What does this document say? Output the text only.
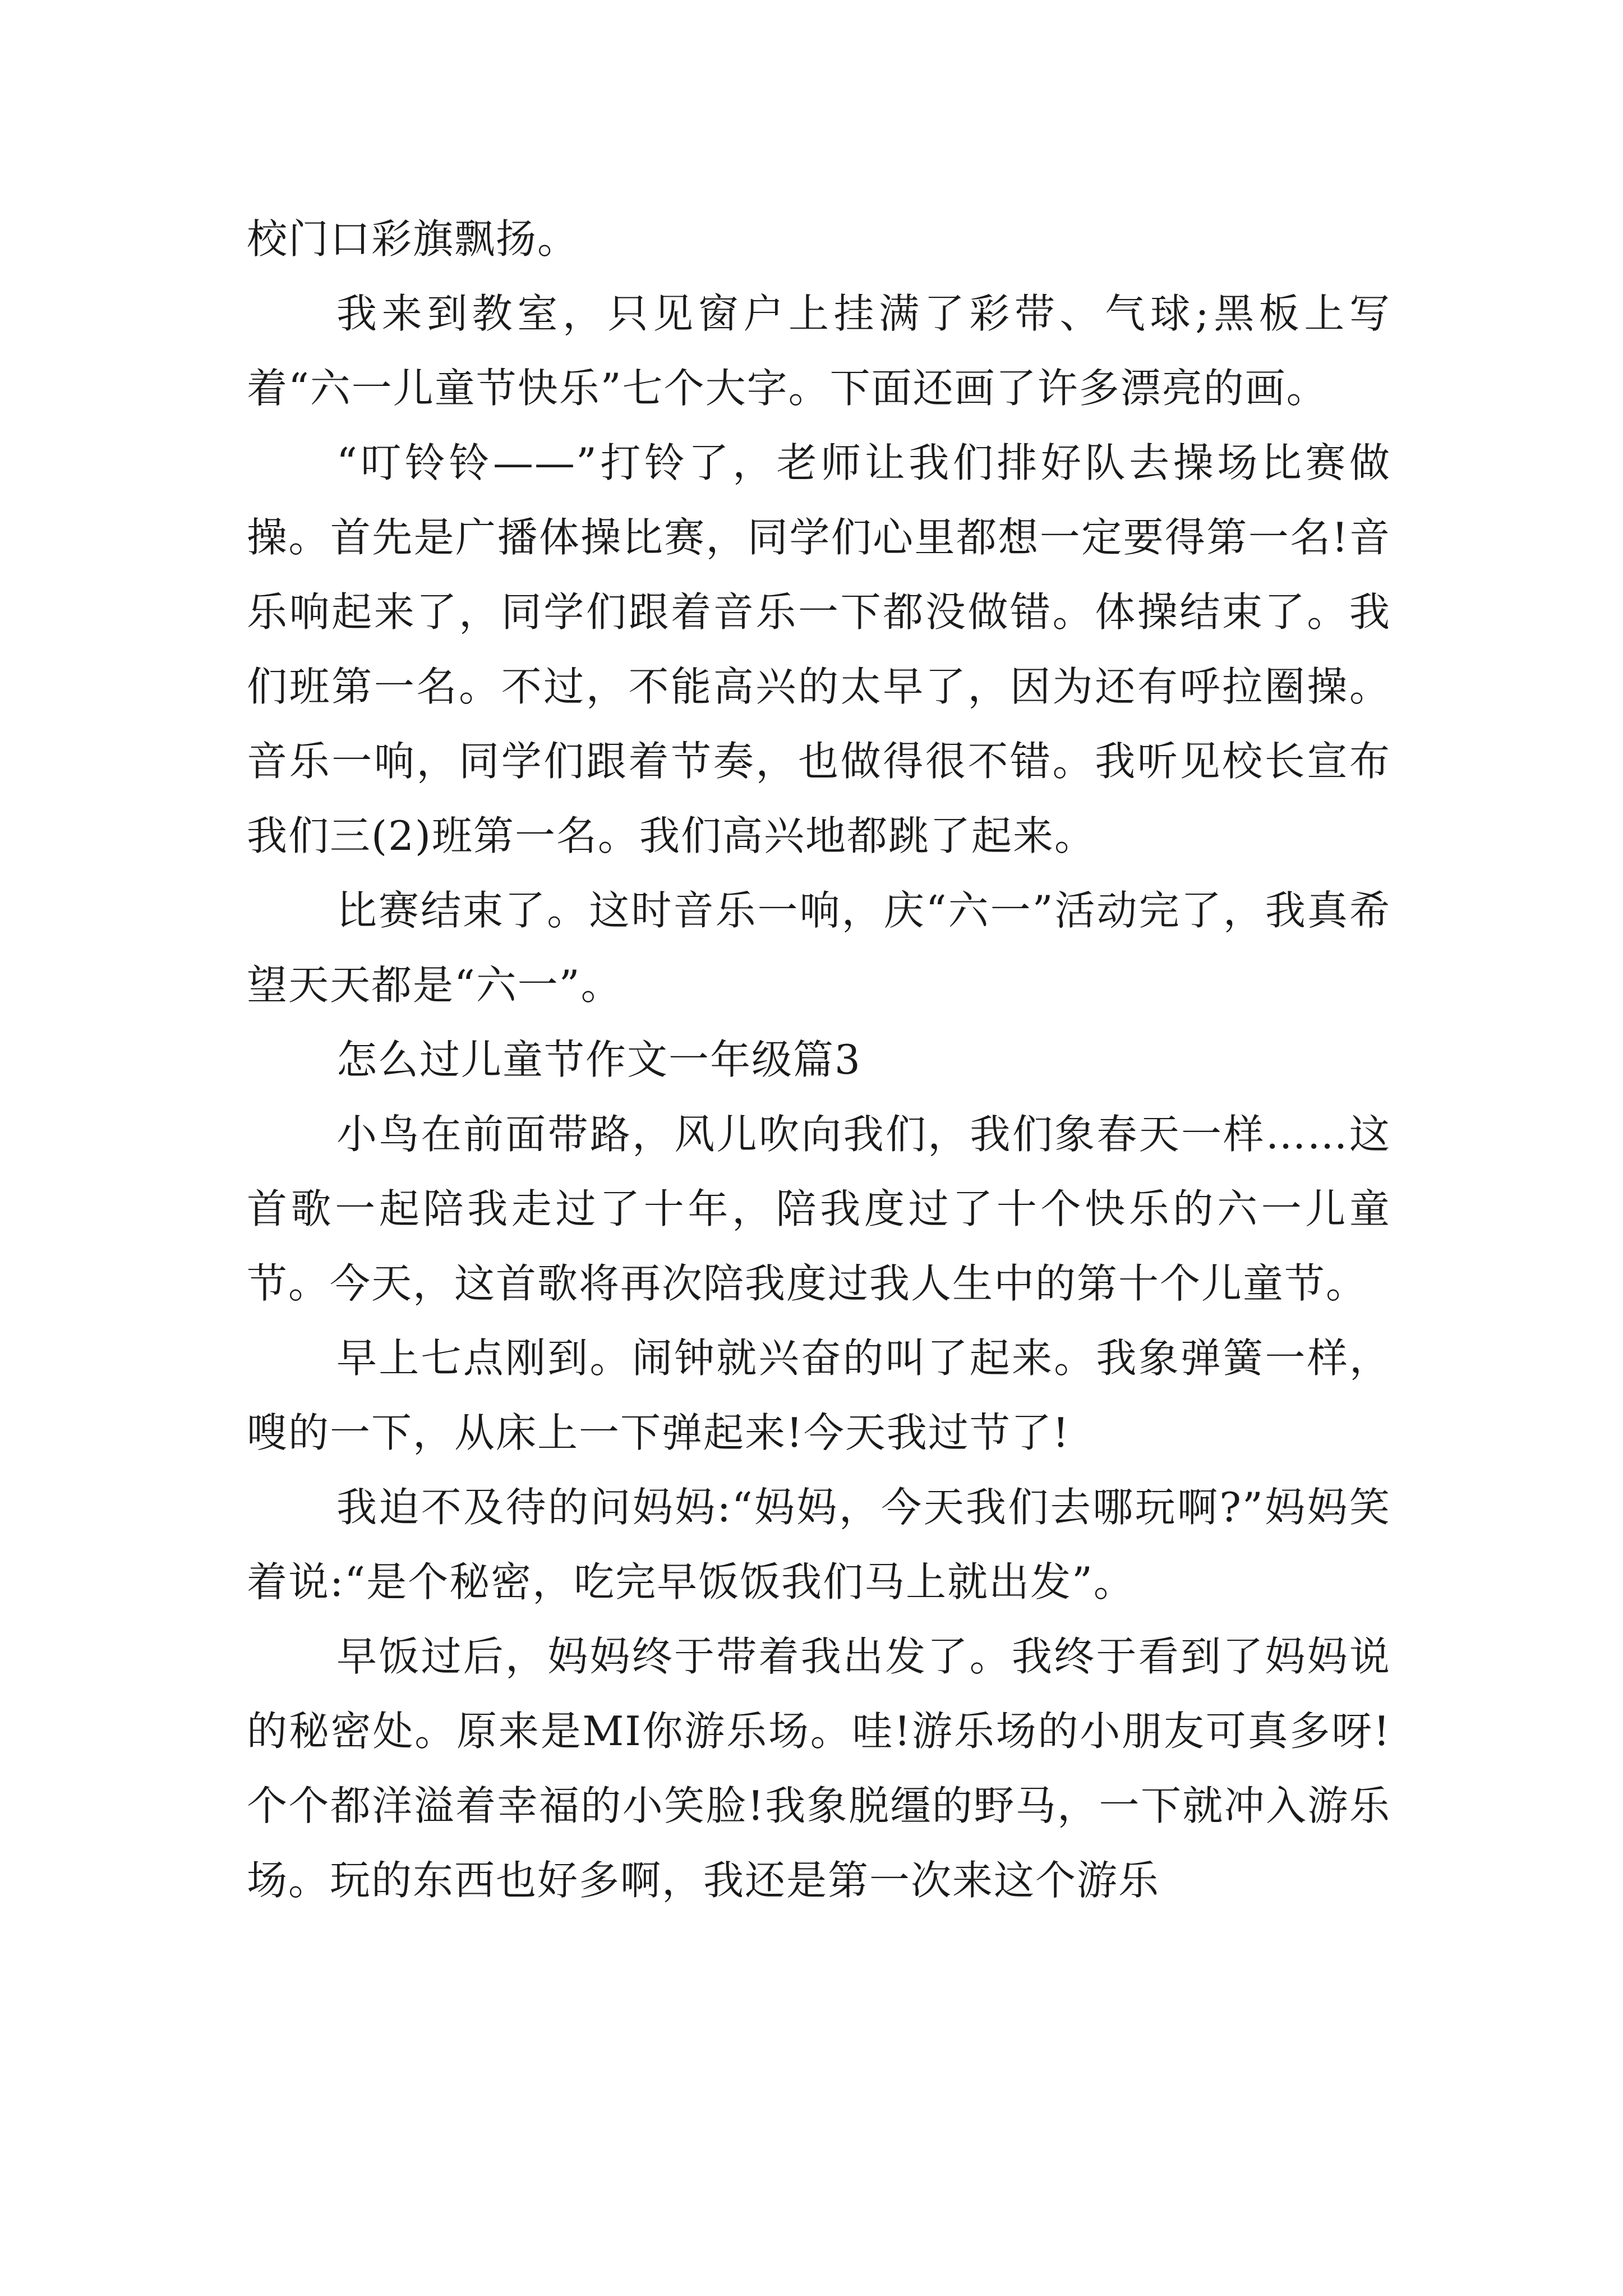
校门口彩旗飘扬。

我来到教室，只见窗户上挂满了彩带、气球;黑板上写着“六一儿童节快乐”七个大字。下面还画了许多漂亮的画。

“叮铃铃——”打铃了，老师让我们排好队去操场比赛做操。首先是广播体操比赛，同学们心里都想一定要得第一名!音乐响起来了，同学们跟着音乐一下都没做错。体操结束了。我们班第一名。不过，不能高兴的太早了，因为还有呼拉圈操。音乐一响，同学们跟着节奏，也做得很不错。我听见校长宣布我们三(2)班第一名。我们高兴地都跳了起来。

比赛结束了。这时音乐一响，庆“六一”活动完了，我真希望天天都是“六一”。

怎么过儿童节作文一年级篇3

小鸟在前面带路，风儿吹向我们，我们象春天一样……这首歌一起陪我走过了十年，陪我度过了十个快乐的六一儿童节。今天，这首歌将再次陪我度过我人生中的第十个儿童节。

早上七点刚到。闹钟就兴奋的叫了起来。我象弹簧一样，嗖的一下，从床上一下弹起来!今天我过节了!

我迫不及待的问妈妈:“妈妈，今天我们去哪玩啊?”妈妈笑着说:“是个秘密，吃完早饭饭我们马上就出发”。

早饭过后，妈妈终于带着我出发了。我终于看到了妈妈说的秘密处。原来是MI你游乐场。哇!游乐场的小朋友可真多呀!个个都洋溢着幸福的小笑脸!我象脱缰的野马，一下就冲入游乐场。玩的东西也好多啊，我还是第一次来这个游乐
